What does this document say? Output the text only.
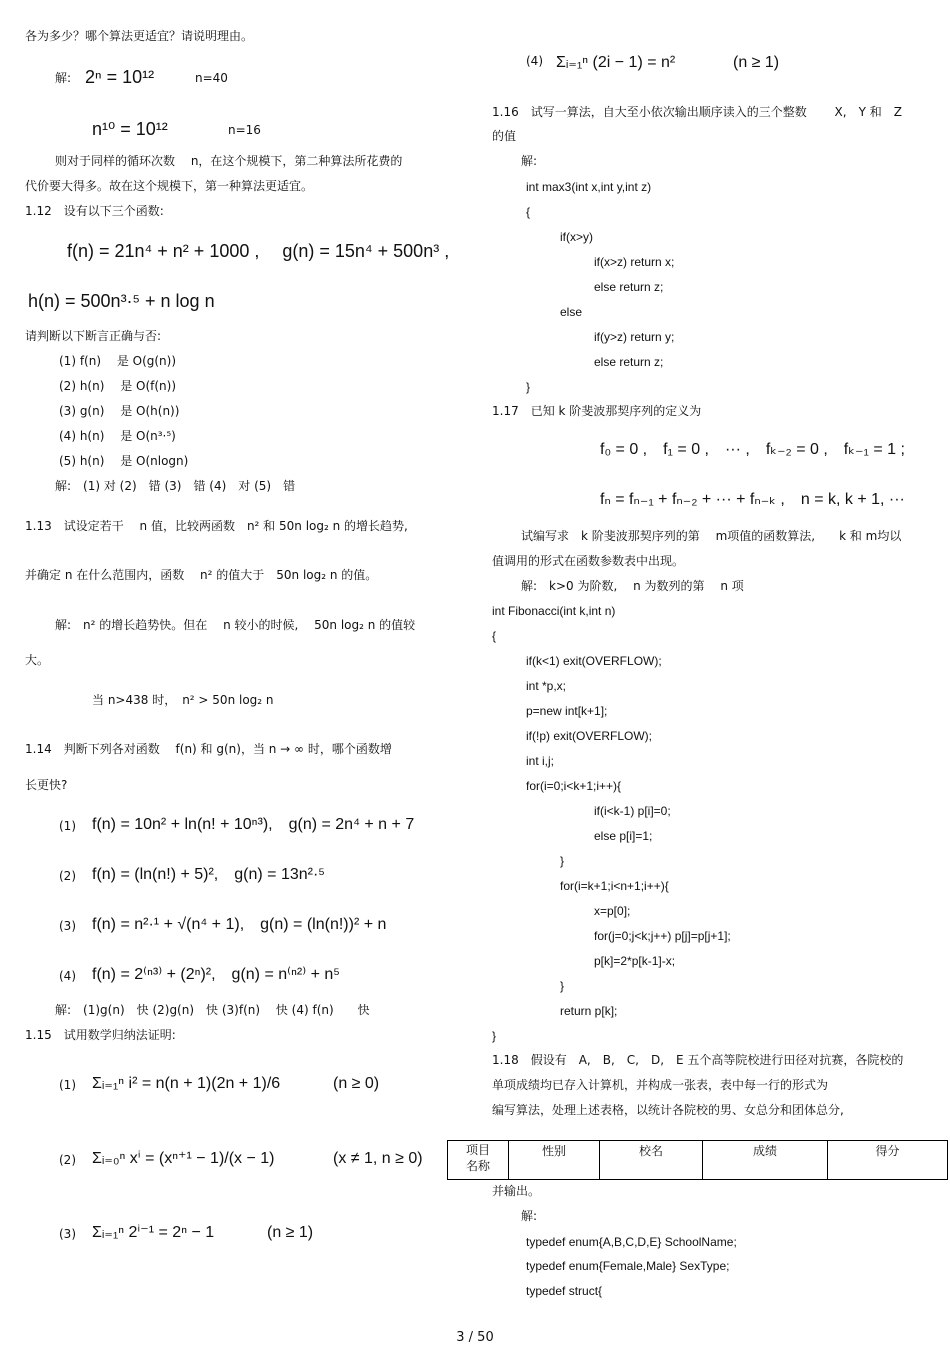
各为多少？哪个算法更适宜？请说明理由。
解: 2ⁿ = 10¹²	n=40
n¹⁰ = 10¹²	n=16
则对于同样的循环次数　 n，在这个规模下，第二种算法所花费的
代价要大得多。故在这个规模下，第一种算法更适宜。
1.12　设有以下三个函数:
f(n) = 21n⁴ + n² + 1000 ,　 g(n) = 15n⁴ + 500n³ ,
h(n) = 500n³·⁵ + n log n
请判断以下断言正确与否:
(1) f(n)　 是 O(g(n))
(2) h(n)　 是 O(f(n))
(3) g(n)　 是 O(h(n))
(4) h(n)　 是 O(n³·⁵)
(5) h(n)　 是 O(nlogn)
解:　(1) 对 (2)　错 (3)　错 (4)　对 (5)　错
1.13　试设定若干　 n 值，比较两函数　n² 和 50n log₂ n 的增长趋势,
并确定 n 在什么范围内，函数　 n² 的值大于　50n log₂ n 的值。
解:　n² 的增长趋势快。但在　 n 较小的时候,　 50n log₂ n 的值较
大。
当 n>438 时，　n² > 50n log₂ n
1.14　判断下列各对函数　 f(n) 和 g(n)，当 n → ∞ 时，哪个函数增
长更快?
(1) f(n) = 10n² + ln(n! + 10ⁿ³),　g(n) = 2n⁴ + n + 7
(2) f(n) = (ln(n!) + 5)²,　g(n) = 13n²·⁵
(3) f(n) = n²·¹ + √(n⁴ + 1),　g(n) = (ln(n!))² + n
(4) f(n) = 2⁽ⁿ³⁾ + (2ⁿ)²,　g(n) = n⁽ⁿ²⁾ + n⁵
解:　(1)g(n)　快 (2)g(n)　快 (3)f(n)　 快 (4) f(n)　　快
1.15　试用数学归纳法证明:
(1) Σᵢ₌₁ⁿ i² = n(n + 1)(2n + 1)/6	(n ≥ 0)
(2) Σᵢ₌₀ⁿ xⁱ = (xⁿ⁺¹ − 1)/(x − 1)	(x ≠ 1, n ≥ 0)
(3) Σᵢ₌₁ⁿ 2ⁱ⁻¹ = 2ⁿ − 1	(n ≥ 1)
(4) Σᵢ₌₁ⁿ (2i − 1) = n²	(n ≥ 1)
1.16　试写一算法，自大至小依次输出顺序读入的三个整数　　 X,　Y 和　Z
的值
解:
int max3(int x,int y,int z)
{
if(x>y)
if(x>z) return x;
else return z;
else
if(y>z) return y;
else return z;
}
1.17　已知 k 阶斐波那契序列的定义为
f₀ = 0 ,　f₁ = 0 ,　··· ,　fₖ₋₂ = 0 ,　fₖ₋₁ = 1 ;
fₙ = fₙ₋₁ + fₙ₋₂ + ··· + fₙ₋ₖ ,　n = k, k + 1, ···
试编写求　k 阶斐波那契序列的第　 m项值的函数算法,　　k 和 m均以
值调用的形式在函数参数表中出现。
解:　k>0 为阶数,　 n 为数列的第　 n 项
int Fibonacci(int k,int n)
{
if(k<1) exit(OVERFLOW);
int *p,x;
p=new int[k+1];
if(!p) exit(OVERFLOW);
int i,j;
for(i=0;i<k+1;i++){
if(i<k-1) p[i]=0;
else p[i]=1;
}
for(i=k+1;i<n+1;i++){
x=p[0];
for(j=0;j<k;j++) p[j]=p[j+1];
p[k]=2*p[k-1]-x;
}
return p[k];
}
1.18　假设有　A,　B,　C,　D,　E 五个高等院校进行田径对抗赛，各院校的
单项成绩均已存入计算机，并构成一张表，表中每一行的形式为
编写算法，处理上述表格，以统计各院校的男、女总分和团体总分,
项目
名称	性别	校名	成绩	得分
并输出。
解:
typedef enum{A,B,C,D,E} SchoolName;
typedef enum{Female,Male} SexType;
typedef struct{
3 / 50
